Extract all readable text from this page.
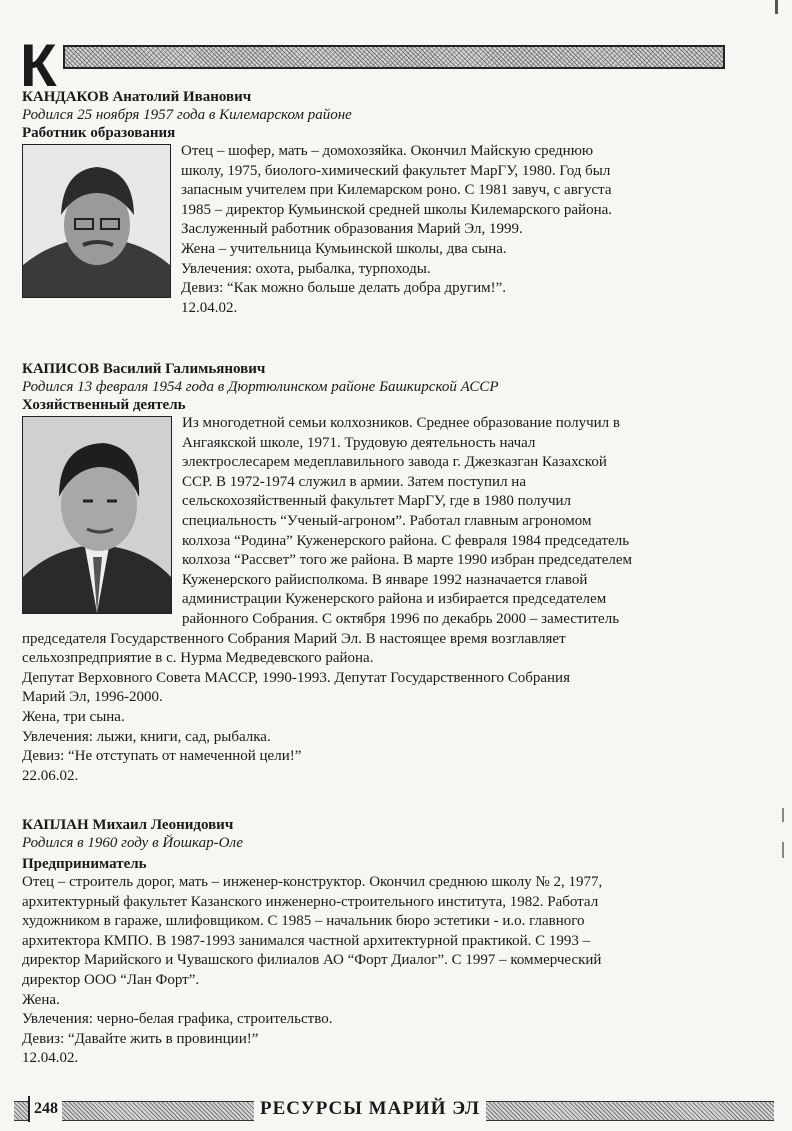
К
КАНДАКОВ Анатолий Иванович
Родился 25 ноября 1957 года в Килемарском районе
Работник образования
Отец – шофер, мать – домохозяйка. Окончил Майскую среднюю
школу, 1975, биолого-химический факультет МарГУ, 1980. Год был
запасным учителем при Килемарском роно. С 1981 завуч, с августа
1985 – директор Кумьинской средней школы Килемарского района.
Заслуженный работник образования Марий Эл, 1999.
Жена – учительница Кумьинской школы, два сына.
Увлечения: охота, рыбалка, турпоходы.
Девиз: “Как можно больше делать добра другим!”.
12.04.02.
КАПИСОВ Василий Галимьянович
Родился 13 февраля 1954 года в Дюртюлинском районе Башкирской АССР
Хозяйственный деятель
Из многодетной семьи колхозников. Среднее образование получил в
Ангаякской школе, 1971. Трудовую деятельность начал
электрослесарем медеплавильного завода г. Джезказган Казахской
ССР. В 1972-1974 служил в армии. Затем поступил на
сельскохозяйственный факультет МарГУ, где в 1980 получил
специальность “Ученый-агроном”. Работал главным агрономом
колхоза “Родина” Куженерского района. С февраля 1984 председатель
колхоза “Рассвет” того же района. В марте 1990 избран председателем
Куженерского райисполкома. В январе 1992 назначается главой
администрации Куженерского района и избирается председателем
районного Собрания. С октября 1996 по декабрь 2000 – заместитель
председателя Государственного Собрания Марий Эл. В настоящее время возглавляет
сельхозпредприятие в с. Нурма Медведевского района.
Депутат Верховного Совета МАССР, 1990-1993. Депутат Государственного Собрания
Марий Эл, 1996-2000.
Жена, три сына.
Увлечения: лыжи, книги, сад, рыбалка.
Девиз: “Не отступать от намеченной цели!”
22.06.02.
КАПЛАН Михаил Леонидович
Родился в 1960 году в Йошкар-Оле
Предприниматель
Отец – строитель дорог, мать – инженер-конструктор. Окончил среднюю школу № 2, 1977,
архитектурный факультет Казанского инженерно-строительного института, 1982. Работал
художником в гараже, шлифовщиком. С 1985 – начальник бюро эстетики - и.о. главного
архитектора КМПО. В 1987-1993 занимался частной архитектурной практикой. С 1993 –
директор Марийского и Чувашского филиалов АО “Форт Диалог”. С 1997 – коммерческий
директор ООО “Лан Форт”.
Жена.
Увлечения: черно-белая графика, строительство.
Девиз: “Давайте жить в провинции!”
12.04.02.
248	РЕСУРСЫ МАРИЙ ЭЛ
